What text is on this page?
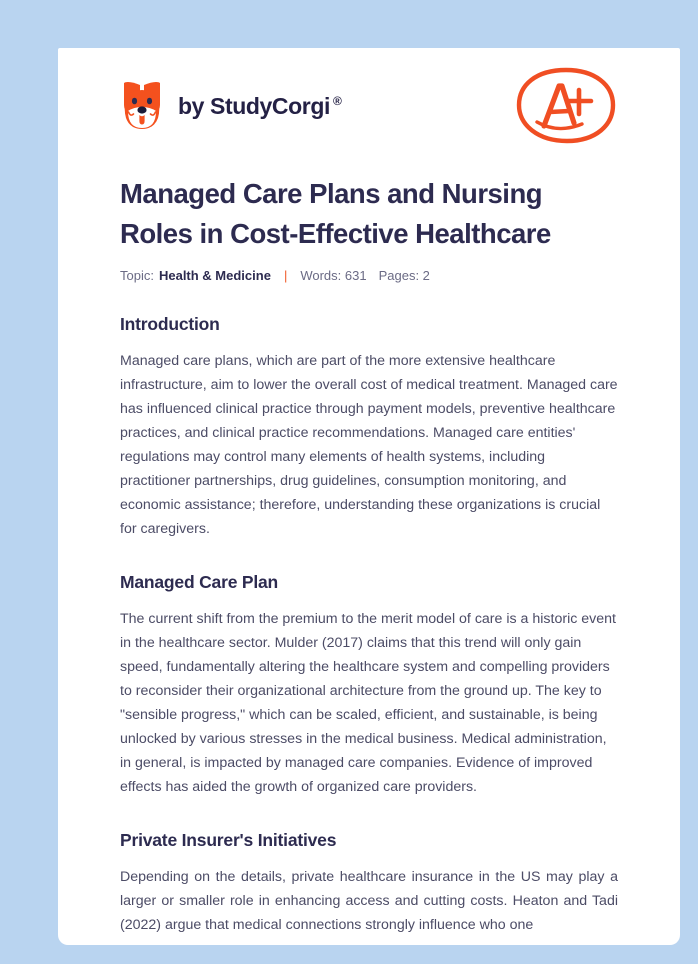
by StudyCorgi ®
Managed Care Plans and Nursing Roles in Cost-Effective Healthcare
Topic: Health & Medicine | Words: 631 Pages: 2
Introduction

Managed care plans, which are part of the more extensive healthcare infrastructure, aim to lower the overall cost of medical treatment. Managed care has influenced clinical practice through payment models, preventive healthcare practices, and clinical practice recommendations. Managed care entities' regulations may control many elements of health systems, including practitioner partnerships, drug guidelines, consumption monitoring, and economic assistance; therefore, understanding these organizations is crucial for caregivers.

Managed Care Plan

The current shift from the premium to the merit model of care is a historic event in the healthcare sector. Mulder (2017) claims that this trend will only gain speed, fundamentally altering the healthcare system and compelling providers to reconsider their organizational architecture from the ground up. The key to "sensible progress," which can be scaled, efficient, and sustainable, is being unlocked by various stresses in the medical business. Medical administration, in general, is impacted by managed care companies. Evidence of improved effects has aided the growth of organized care providers.

Private Insurer's Initiatives

Depending on the details, private healthcare insurance in the US may play a larger or smaller role in enhancing access and cutting costs. Heaton and Tadi (2022) argue that medical connections strongly influence who one
